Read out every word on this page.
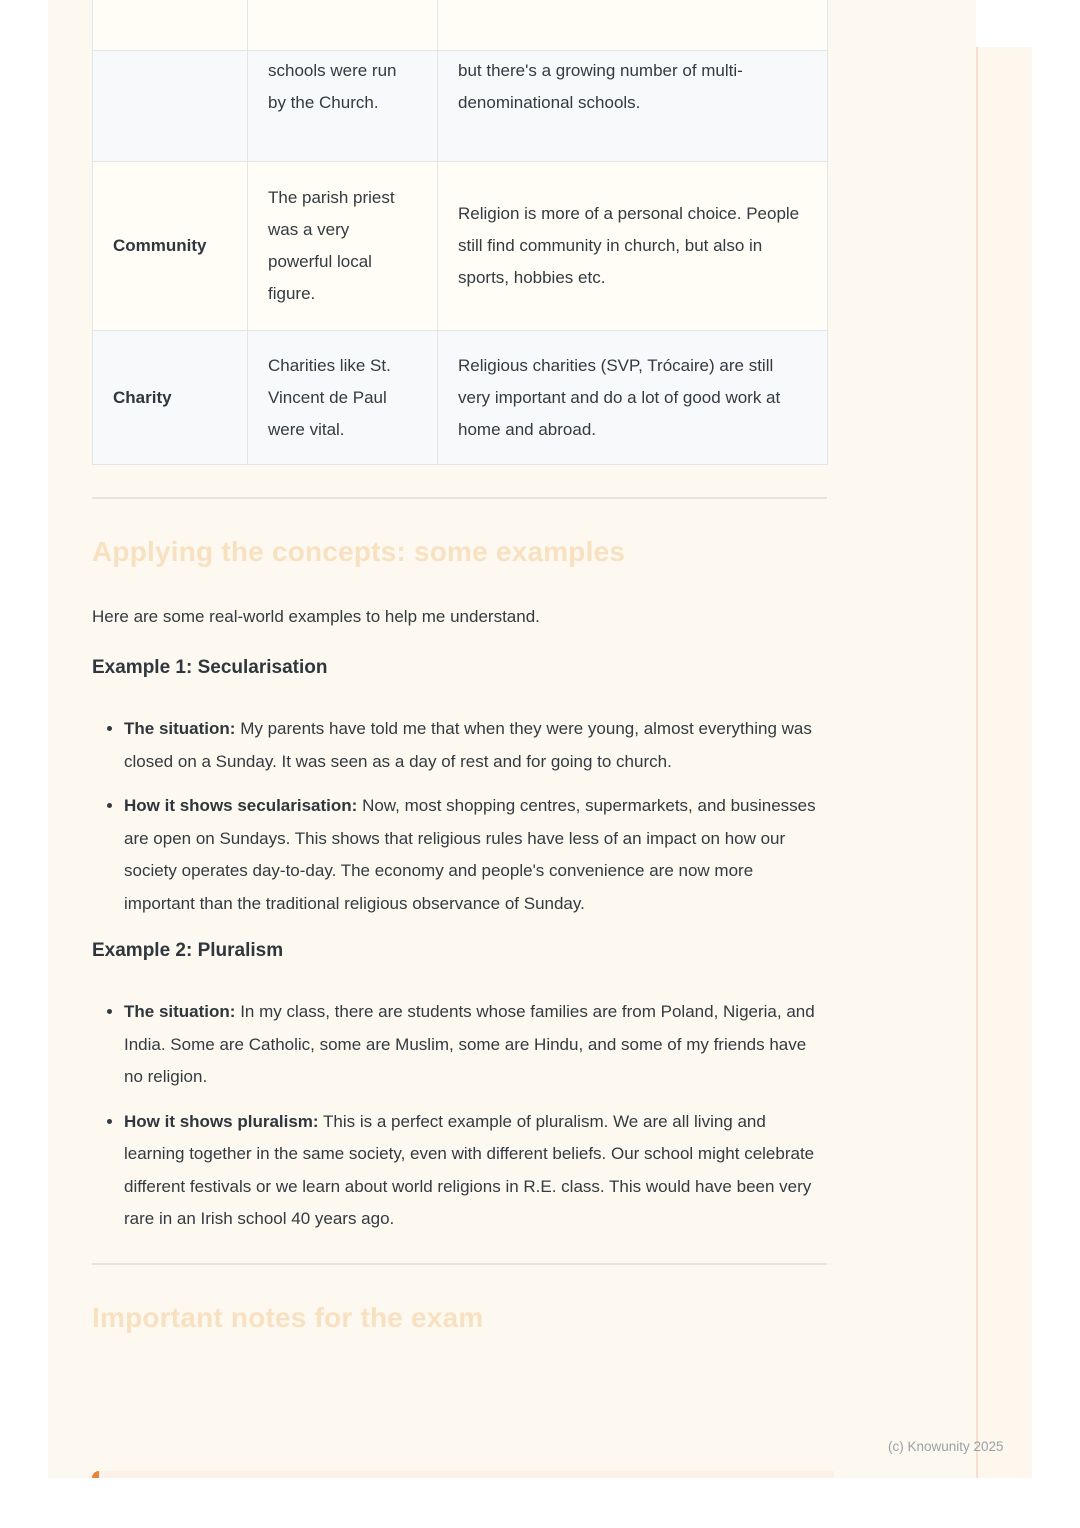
	schools were run by the Church.	but there's a growing number of multi-denominational schools.
Community	The parish priest was a very powerful local figure.	Religion is more of a personal choice. People still find community in church, but also in sports, hobbies etc.
Charity	Charities like St. Vincent de Paul were vital.	Religious charities (SVP, Trócaire) are still very important and do a lot of good work at home and abroad.
Applying the concepts: some examples

Here are some real-world examples to help me understand.

Example 1: Secularisation
• The situation: My parents have told me that when they were young, almost everything was closed on a Sunday. It was seen as a day of rest and for going to church.
• How it shows secularisation: Now, most shopping centres, supermarkets, and businesses are open on Sundays. This shows that religious rules have less of an impact on how our society operates day-to-day. The economy and people's convenience are now more important than the traditional religious observance of Sunday.
Example 2: Pluralism
• The situation: In my class, there are students whose families are from Poland, Nigeria, and India. Some are Catholic, some are Muslim, some are Hindu, and some of my friends have no religion.
• How it shows pluralism: This is a perfect example of pluralism. We are all living and learning together in the same society, even with different beliefs. Our school might celebrate different festivals or we learn about world religions in R.E. class. This would have been very rare in an Irish school 40 years ago.
Important notes for the exam
(c) Knowunity 2025
